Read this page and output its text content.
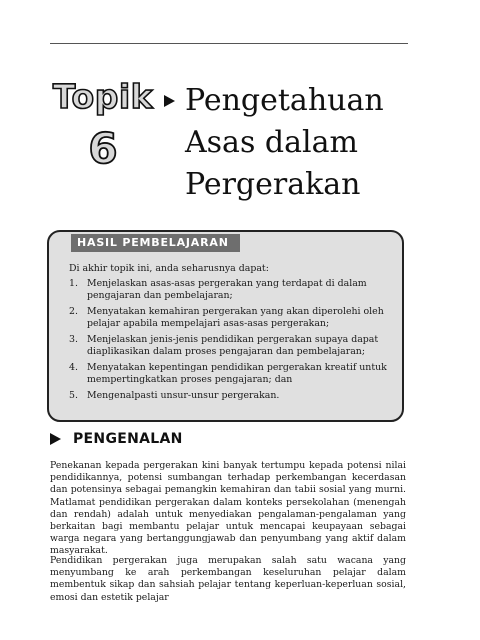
Topik
6
Pengetahuan
Asas dalam
Pergerakan
HASIL PEMBELAJARAN
Di akhir topik ini, anda seharusnya dapat:
1. Menjelaskan asas-asas pergerakan yang terdapat di dalam pengajaran dan pembelajaran;
2. Menyatakan kemahiran pergerakan yang akan diperolehi oleh pelajar apabila mempelajari asas-asas pergerakan;
3. Menjelaskan jenis-jenis pendidikan pergerakan supaya dapat diaplikasikan dalam proses pengajaran dan pembelajaran;
4. Menyatakan kepentingan pendidikan pergerakan kreatif untuk mempertingkatkan proses pengajaran; dan
5. Mengenalpasti unsur-unsur pergerakan.
PENGENALAN

Penekanan kepada pergerakan kini banyak tertumpu kepada potensi nilai pendidikannya, potensi sumbangan terhadap perkembangan kecerdasan dan potensinya sebagai pemangkin kemahiran dan tabii sosial yang murni. Matlamat pendidikan pergerakan dalam konteks persekolahan (menengah dan rendah) adalah untuk menyediakan pengalaman-pengalaman yang berkaitan bagi membantu pelajar untuk mencapai keupayaan sebagai warga negara yang bertanggungjawab dan penyumbang yang aktif dalam masyarakat.

Pendidikan pergerakan juga merupakan salah satu wacana yang menyumbang ke arah perkembangan keseluruhan pelajar dalam membentuk sikap dan sahsiah pelajar tentang keperluan-keperluan sosial, emosi dan estetik pelajar
